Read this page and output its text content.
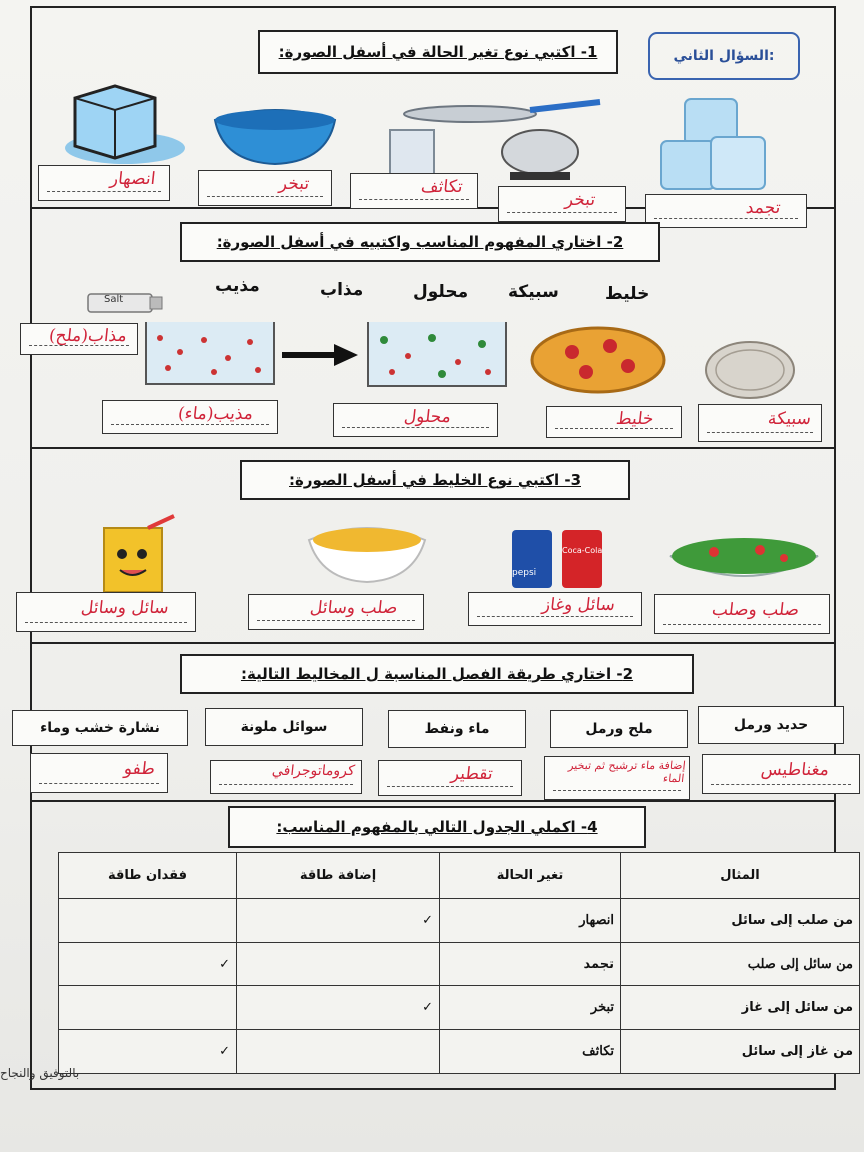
السؤال الثاني:
1- اكتبي نوع تغير الحالة في أسفل الصورة:
انصهار	تبخر	تكاثف
تبخر	تجمد
2- اختاري المفهوم المناسب واكتبيه في أسفل الصورة:
خليط
سبيكة
محلول
مذاب
مذيب
Salt
مذاب(ملح)
مذيب(ماء)	محلول	خليط	سبيكة
3- اكتبي نوع الخليط في أسفل الصورة:
pepsi
Coca-Cola
سائل وسائل	صلب وسائل	سائل وغاز	صلب وصلب
2- اختاري طريقة الفصل المناسبة ل المخاليط التالية:
نشارة خشب وماء	سوائل ملونة	ماء ونفط	ملح ورمل	حديد ورمل
طفو	كروماتوجرافي	تقطير	إضافة ماء ترشيح ثم تبخير الماء	مغناطيس
4- اكملي الجدول التالي بالمفهوم المناسب:
المثال	تغير الحالة	إضافة طاقة	فقدان طاقة
من صلب إلى سائل	انصهار	✓	
من سائل إلى صلب	تجمد		✓
من سائل إلى غاز	تبخر	✓	
من غاز إلى سائل	تكاثف		✓
بالتوفيق والنجاح
